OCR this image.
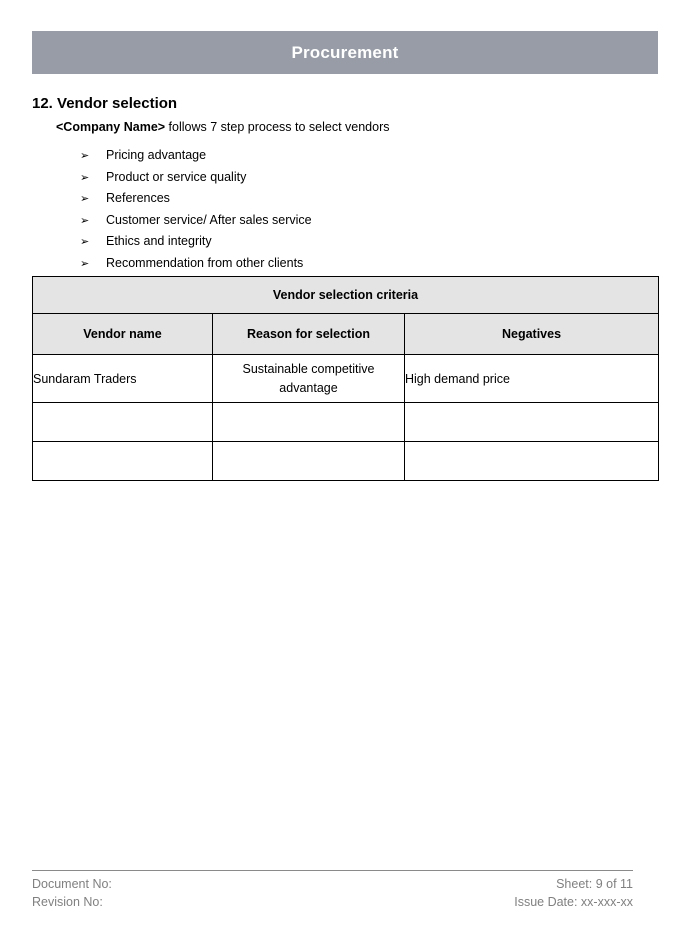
Procurement
12. Vendor selection
<Company Name> follows 7 step process to select vendors
➢	Pricing advantage
➢	Product or service quality
➢	References
➢	Customer service/ After sales service
➢	Ethics and integrity
➢	Recommendation from other clients
Vendor selection criteria		
Vendor name	Reason for selection	Negatives
Sundaram Traders	Sustainable competitive advantage	High demand price

Document No:	Sheet: 9 of 11
Revision No:	Issue Date: xx-xxx-xx
